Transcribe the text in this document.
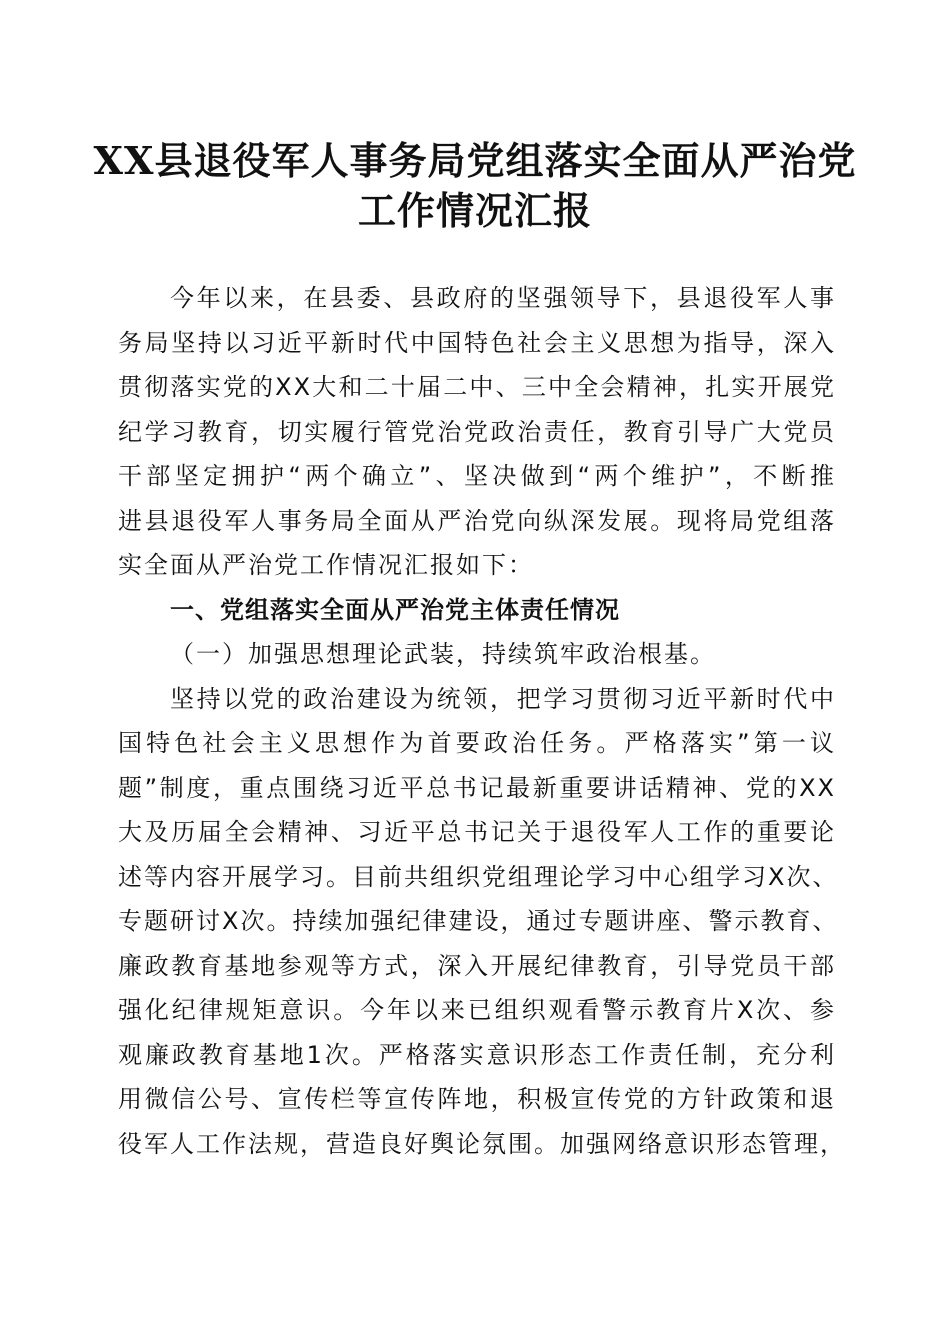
XX县退役军人事务局党组落实全面从严治党
工作情况汇报
今年以来，在县委、县政府的坚强领导下，县退役军人事
务局坚持以习近平新时代中国特色社会主义思想为指导，深入
贯彻落实党的XX大和二十届二中、三中全会精神，扎实开展党
纪学习教育，切实履行管党治党政治责任，教育引导广大党员
干部坚定拥护“两个确立”、坚决做到“两个维护”，不断推
进县退役军人事务局全面从严治党向纵深发展。现将局党组落
实全面从严治党工作情况汇报如下：
一、党组落实全面从严治党主体责任情况
（一）加强思想理论武装，持续筑牢政治根基。
坚持以党的政治建设为统领，把学习贯彻习近平新时代中
国特色社会主义思想作为首要政治任务。严格落实”第一议
题”制度，重点围绕习近平总书记最新重要讲话精神、党的XX
大及历届全会精神、习近平总书记关于退役军人工作的重要论
述等内容开展学习。目前共组织党组理论学习中心组学习X次、
专题研讨X次。持续加强纪律建设，通过专题讲座、警示教育、
廉政教育基地参观等方式，深入开展纪律教育，引导党员干部
强化纪律规矩意识。今年以来已组织观看警示教育片X次、参
观廉政教育基地1次。严格落实意识形态工作责任制，充分利
用微信公号、宣传栏等宣传阵地，积极宣传党的方针政策和退
役军人工作法规，营造良好舆论氛围。加强网络意识形态管理，
